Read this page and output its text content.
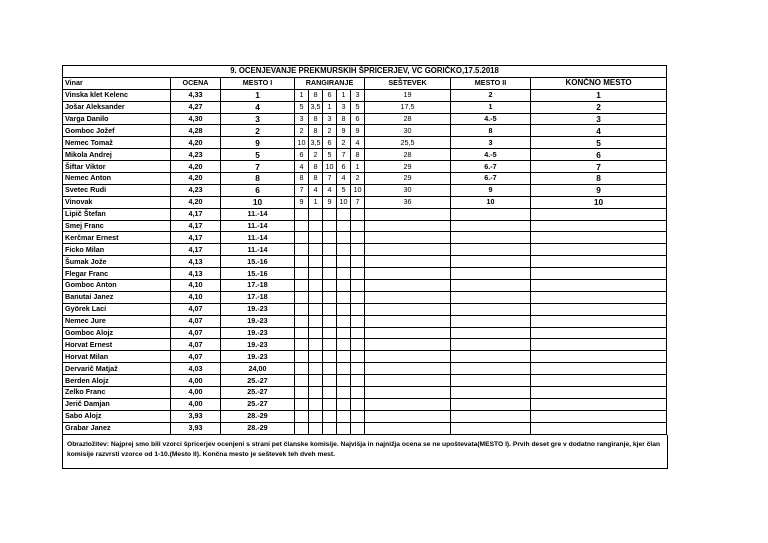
9. OCENJEVANJE PREKMURSKIH ŠPRICERJEV, VC GORIČKO,17.5.2018										
Vinar	OCENA	MESTO I	RANGIRANJE					SEŠTEVEK	MESTO II	KONČNO MESTO
Vinska klet Kelenc	4,33	1	1	8	6	1	3	19	2	1
Jošar Aleksander	4,27	4	5	3,5	1	3	5	17,5	1	2
Varga Danilo	4,30	3	3	8	3	8	6	28	4.-5	3
Gomboc Jožef	4,28	2	2	8	2	9	9	30	8	4
Nemec Tomaž	4,20	9	10	3,5	6	2	4	25,5	3	5
Mikola Andrej	4,23	5	6	2	5	7	8	28	4.-5	6
Šiftar Viktor	4,20	7	4	8	10	6	1	29	6.-7	7
Nemec Anton	4,20	8	8	8	7	4	2	29	6.-7	8
Svetec Rudi	4,23	6	7	4	4	5	10	30	9	9
Vinovak	4,20	10	9	1	9	10	7	36	10	10
Lipič Štefan	4,17	11.-14								
Smej Franc	4,17	11.-14								
Kerčmar Ernest	4,17	11.-14								
Ficko Milan	4,17	11.-14								
Šumak Jože	4,13	15.-16								
Flegar Franc	4,13	15.-16								
Gomboc Anton	4,10	17.-18								
Banutai Janez	4,10	17.-18								
Györek Laci	4,07	19.-23								
Nemec Jure	4,07	19.-23								
Gomboc Alojz	4,07	19.-23								
Horvat Ernest	4,07	19.-23								
Horvat Milan	4,07	19.-23								
Dervarič Matjaž	4,03	24,00								
Berden Alojz	4,00	25.-27								
Zelko Franc	4,00	25.-27								
Jerič Damjan	4,00	25.-27								
Sabo Alojz	3,93	28.-29								
Grabar Janez	3,93	28.-29								
Obrazložitev: Najprej smo bili vzorci špricerjev ocenjeni s strani pet članske komisije. Najvišja in najnižja ocena se ne upoštevata(MESTO I). Prvih deset gre v dodatno rangiranje, kjer član komisije razvrsti vzorce od 1-10.(Mesto II). Končna mesto je seštevek teh dveh mest.
